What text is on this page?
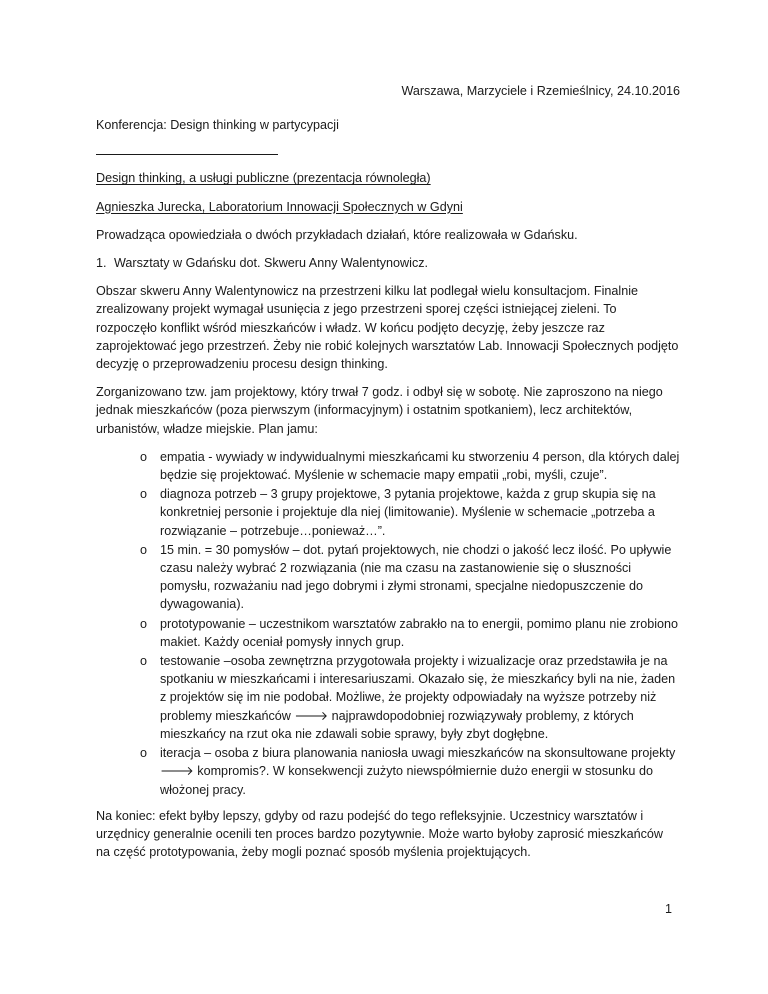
Warszawa, Marzyciele i Rzemieślnicy, 24.10.2016

Konferencja: Design thinking w partycypacji

Design thinking, a usługi publiczne (prezentacja równoległa)

Agnieszka Jurecka, Laboratorium Innowacji Społecznych w Gdyni

Prowadząca opowiedziała o dwóch przykładach działań, które realizowała w Gdańsku.

1. Warsztaty w Gdańsku dot. Skweru Anny Walentynowicz.

Obszar skweru Anny Walentynowicz na przestrzeni kilku lat podlegał wielu konsultacjom. Finalnie zrealizowany projekt wymagał usunięcia z jego przestrzeni sporej części istniejącej zieleni. To rozpoczęło konflikt wśród mieszkańców i władz. W końcu podjęto decyzję, żeby jeszcze raz zaprojektować jego przestrzeń. Żeby nie robić kolejnych warsztatów Lab. Innowacji Społecznych podjęto decyzję o przeprowadzeniu procesu design thinking.

Zorganizowano tzw. jam projektowy, który trwał 7 godz. i odbył się w sobotę. Nie zaproszono na niego jednak mieszkańców (poza pierwszym (informacyjnym) i ostatnim spotkaniem), lecz architektów, urbanistów, władze miejskie. Plan jamu:

o	empatia - wywiady w indywidualnymi mieszkańcami ku stworzeniu 4 person, dla których dalej będzie się projektować. Myślenie w schemacie mapy empatii „robi, myśli, czuje”.
o	diagnoza potrzeb – 3 grupy projektowe, 3 pytania projektowe, każda z grup skupia się na konkretniej personie i projektuje dla niej (limitowanie). Myślenie w schemacie „potrzeba a rozwiązanie – potrzebuje…ponieważ…”.
o	15 min. = 30 pomysłów – dot. pytań projektowych, nie chodzi o jakość lecz ilość. Po upływie czasu należy wybrać 2 rozwiązania (nie ma czasu na zastanowienie się o słuszności pomysłu, rozważaniu nad jego dobrymi i złymi stronami, specjalne niedopuszczenie do dywagowania).
o	prototypowanie – uczestnikom warsztatów zabrakło na to energii, pomimo planu nie zrobiono makiet. Każdy oceniał pomysły innych grup.
o	testowanie –osoba zewnętrzna przygotowała projekty i wizualizacje oraz przedstawiła je na spotkaniu w mieszkańcami i interesariuszami. Okazało się, że mieszkańcy byli na nie, żaden z projektów się im nie podobał. Możliwe, że projekty odpowiadały na wyższe potrzeby niż problemy mieszkańców 🡒 najprawdopodobniej rozwiązywały problemy, z których mieszkańcy na rzut oka nie zdawali sobie sprawy, były zbyt dogłębne.
o	iteracja – osoba z biura planowania naniosła uwagi mieszkańców na skonsultowane projekty 🡒 kompromis?. W konsekwencji zużyto niewspółmiernie dużo energii w stosunku do włożonej pracy.

Na koniec: efekt byłby lepszy, gdyby od razu podejść do tego refleksyjnie. Uczestnicy warsztatów i urzędnicy generalnie ocenili ten proces bardzo pozytywnie. Może warto byłoby zaprosić mieszkańców na część prototypowania, żeby mogli poznać sposób myślenia projektujących.

1
